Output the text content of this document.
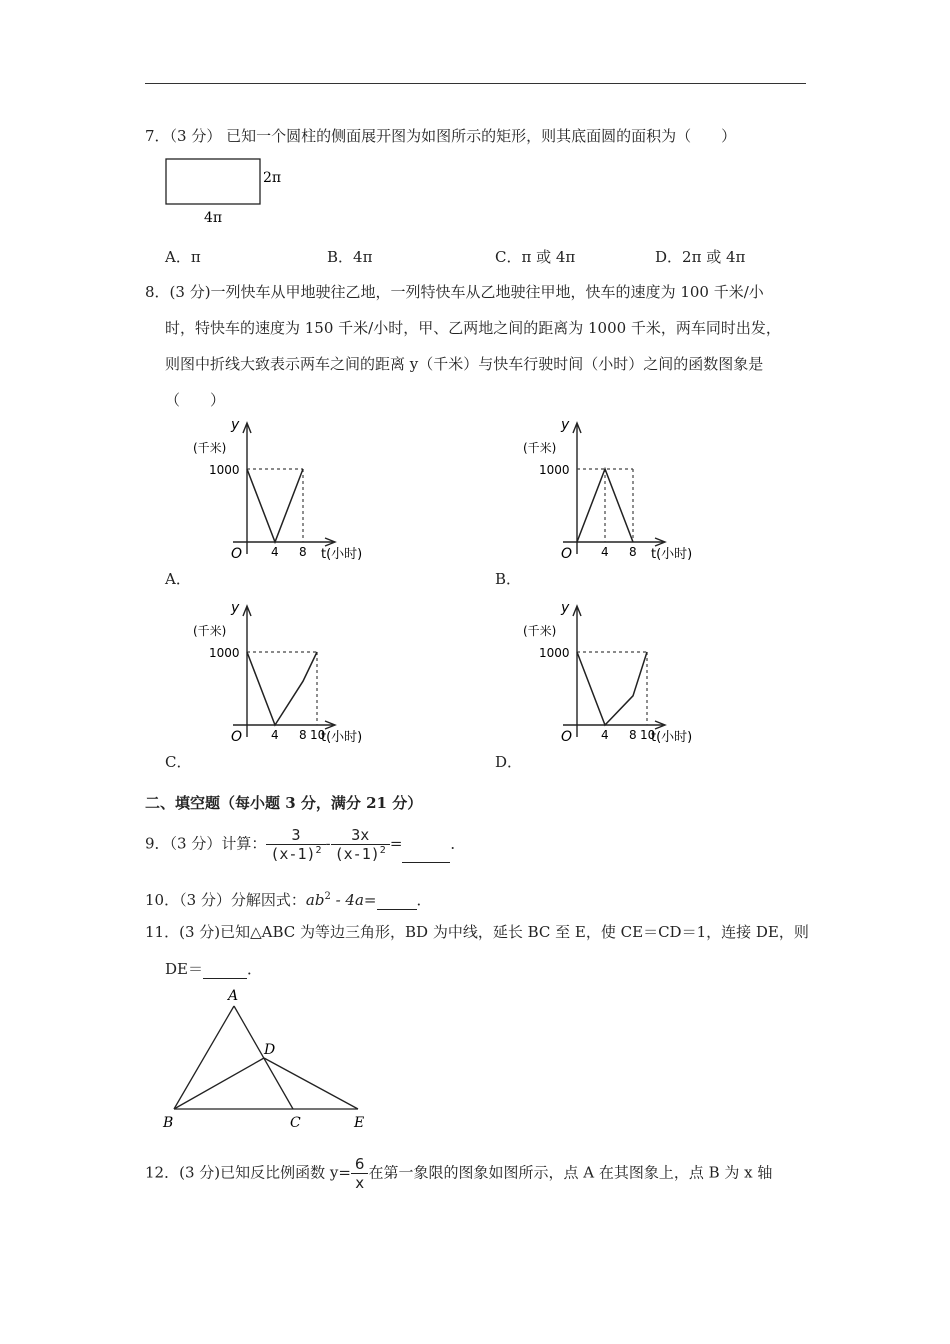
7．（3 分） 已知一个圆柱的侧面展开图为如图所示的矩形，则其底面圆的面积为（　　）
2π
4π
A．π	B．4π	C．π 或 4π	D．2π 或 4π
8．(3 分)一列快车从甲地驶往乙地，一列特快车从乙地驶往甲地，快车的速度为 100 千米/小
时，特快车的速度为 150 千米/小时，甲、乙两地之间的距离为 1000 千米，两车同时出发，
则图中折线大致表示两车之间的距离 y（千米）与快车行驶时间（小时）之间的函数图象是
（　　）
y
(千米)
1000
O 4 8 t(小时)
y
(千米)
1000
O 4 8 t(小时)
y
(千米)
1000
O 4 8 10
t(小时)
y
(千米)
1000
O 4 8 10
t(小时)
A．	B．
C．	D．
二、填空题（每小题 3 分，满分 21 分）
9．（3 分）计算： $\frac{3}{(x-1)^2} - \frac{3x}{(x-1)^2}$ =	．
10．（3 分）分解因式：$ab^2 - 4a=$	．
11．(3 分)已知△ABC 为等边三角形，BD 为中线，延长 BC 至 E，使 CE＝CD＝1，连接 DE，则
DE＝	．
A
B	C
D
E
12．(3 分)已知反比例函数 $y= \frac{6}{x}$ 在第一象限的图象如图所示，点 A 在其图象上，点 B 为 x 轴
